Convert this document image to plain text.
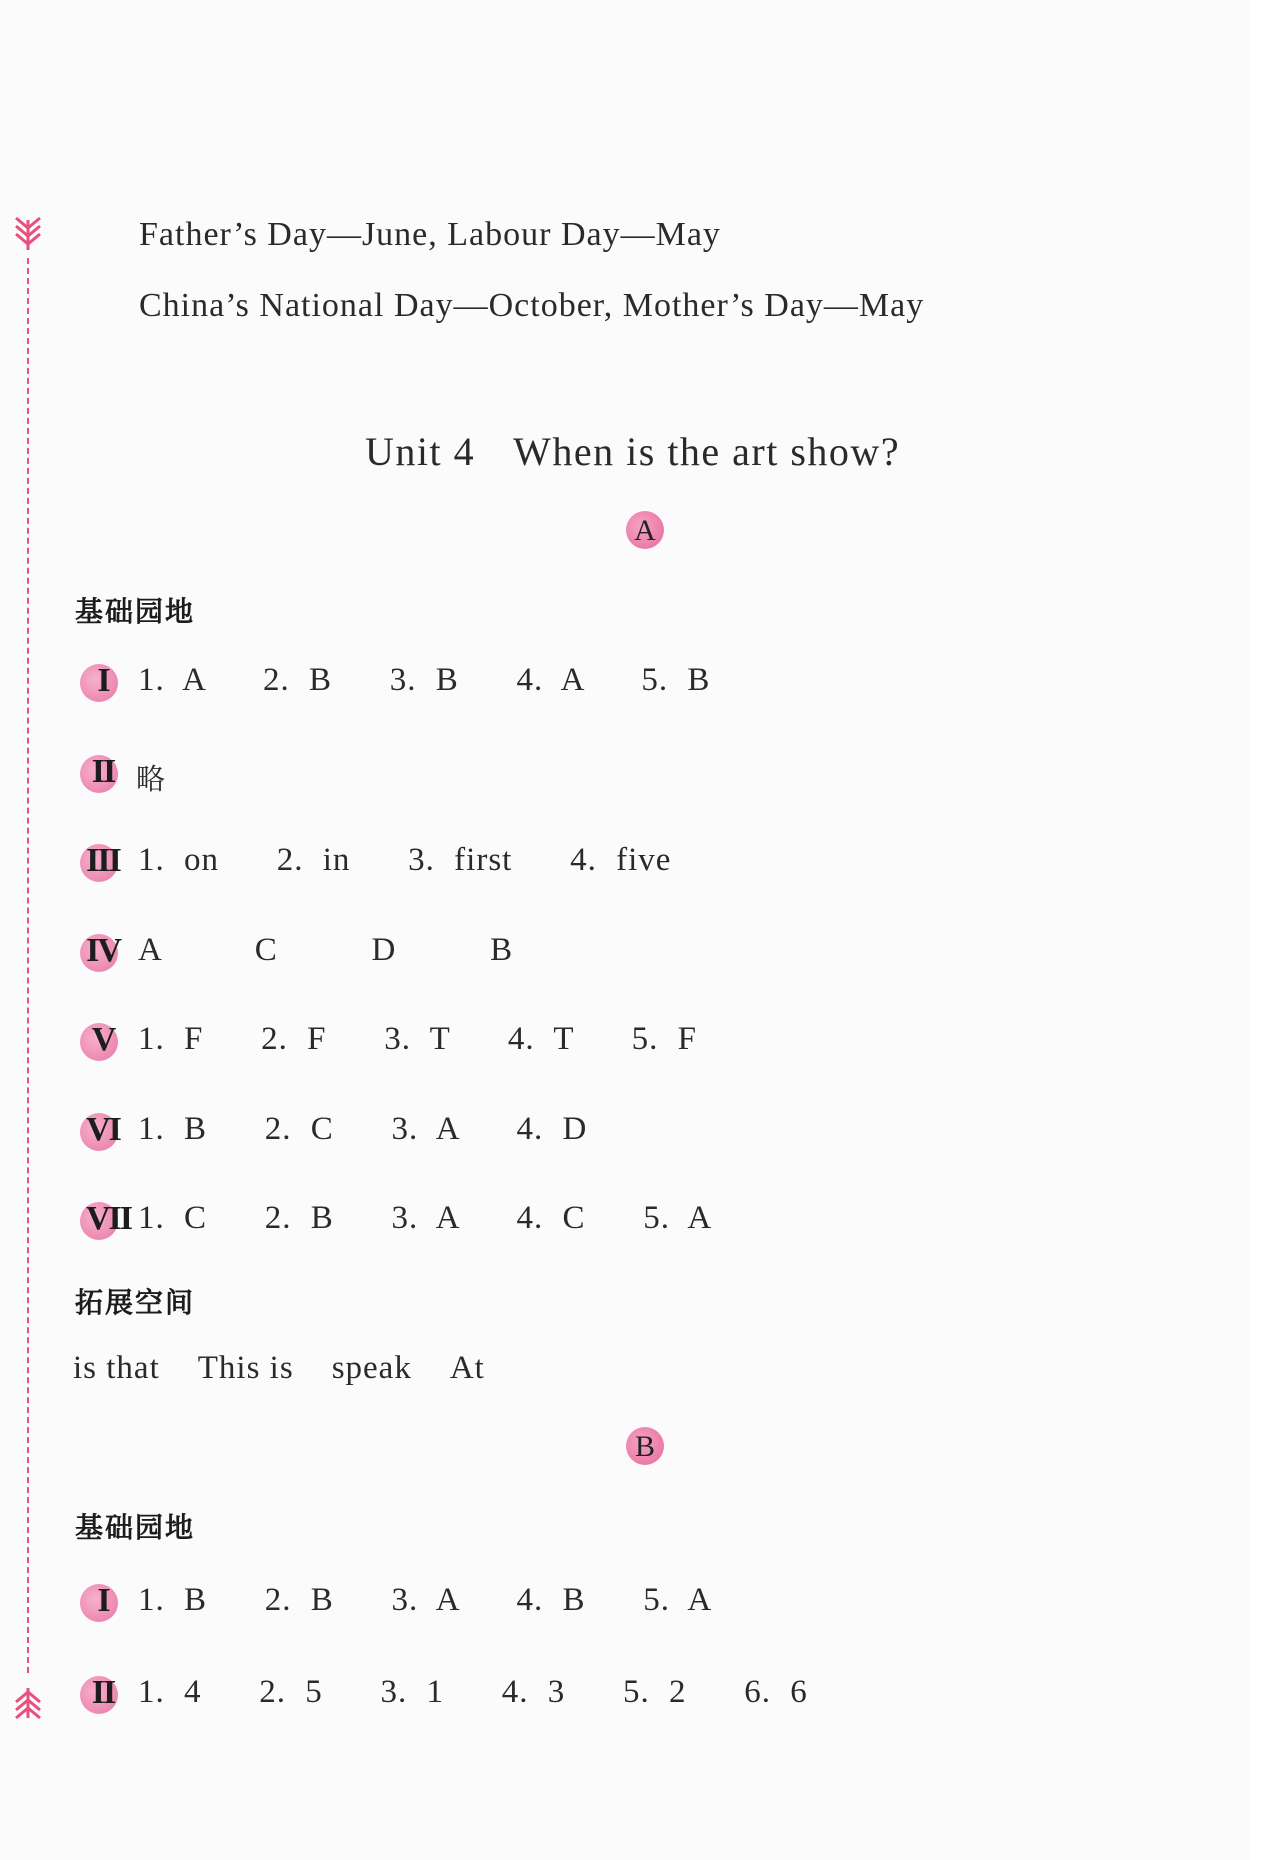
Father’s Day—June, Labour Day—May
China’s National Day—October, Mother’s Day—May
Unit 4 When is the art show?
A
基础园地
I 1. A   2. B   3. B   4. A   5. B
II 略
III 1. on   2. in   3. first   4. five
IV A   C   D   B
V 1. F   2. F   3. T   4. T   5. F
VI 1. B   2. C   3. A   4. D
VII 1. C   2. B   3. A   4. C   5. A
拓展空间
is that This is speak At
B
基础园地
I 1. B   2. B   3. A   4. B   5. A
II 1. 4   2. 5   3. 1   4. 3   5. 2   6. 6
